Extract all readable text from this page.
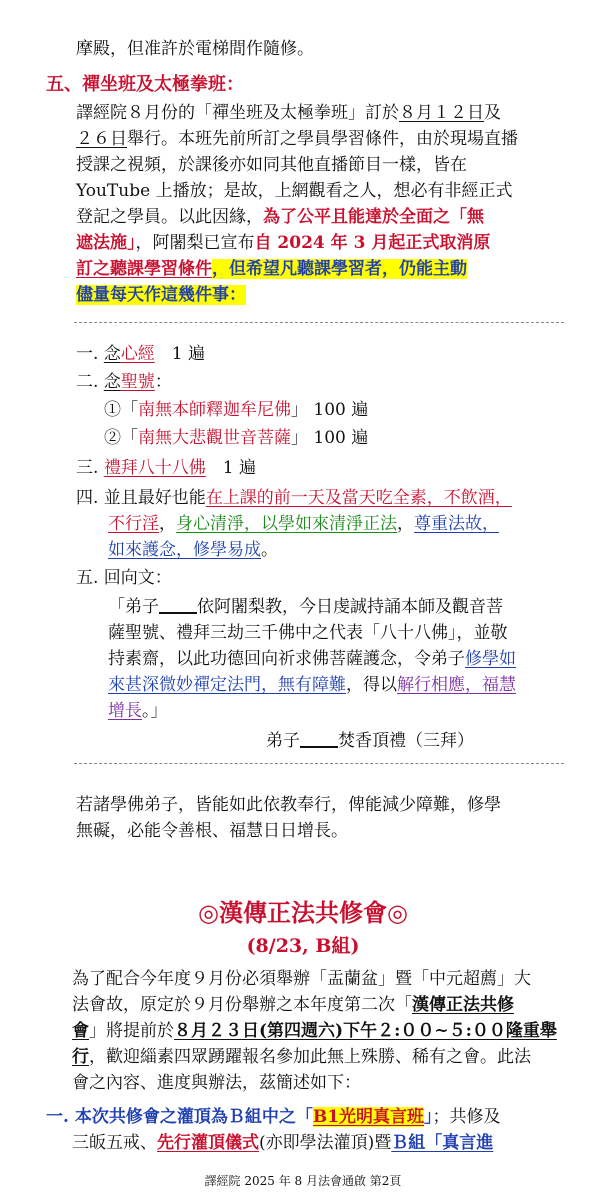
摩殿，但准許於電梯間作隨修。
五、禪坐班及太極拳班：
譯經院８月份的「禪坐班及太極拳班」訂於８月１２日及
２６日舉行。本班先前所訂之學員學習條件，由於現場直播
授課之視頻，於課後亦如同其他直播節目一樣，皆在
YouTube 上播放；是故，上網觀看之人，想必有非經正式
登記之學員。以此因緣，為了公平且能達於全面之「無
遮法施」，阿闍梨已宣布自 2024 年 3 月起正式取消原
訂之聽課學習條件，但希望凡聽課學習者，仍能主動
儘量每天作這幾件事：
一. 念心經　1 遍
二. 念聖號：
①「南無本師釋迦牟尼佛」 100 遍
②「南無大悲觀世音菩薩」 100 遍
三. 禮拜八十八佛　1 遍
四. 並且最好也能在上課的前一天及當天吃全素，不飲酒，
不行淫，身心清淨，以學如來清淨正法，尊重法故，
如來護念，修學易成。
五. 回向文：
「弟子 依阿闍梨教，今日虔誠持誦本師及觀音菩
薩聖號、禮拜三劫三千佛中之代表「八十八佛」，並敬
持素齋，以此功德回向祈求佛菩薩護念，令弟子修學如
來甚深微妙禪定法門，無有障難，得以解行相應，福慧
增長。」
弟子 焚香頂禮（三拜）
若諸學佛弟子，皆能如此依教奉行，俾能減少障難，修學
無礙，必能令善根、福慧日日增長。
◎漢傳正法共修會◎
(8/23, B組)
為了配合今年度９月份必須舉辦「盂蘭盆」暨「中元超薦」大
法會故，原定於９月份舉辦之本年度第二次「漢傳正法共修
會」將提前於８月２３日(第四週六)下午２:００~５:００隆重舉
行，歡迎緇素四眾踴躍報名參加此無上殊勝、稀有之會。此法
會之內容、進度與辦法，茲簡述如下：
一. 本次共修會之灌頂為Ｂ組中之「B1光明真言班」；共修及
三皈五戒、先行灌頂儀式(亦即學法灌頂)暨Ｂ組「真言進
譯經院 2025 年 8 月法會通啟 第2頁
